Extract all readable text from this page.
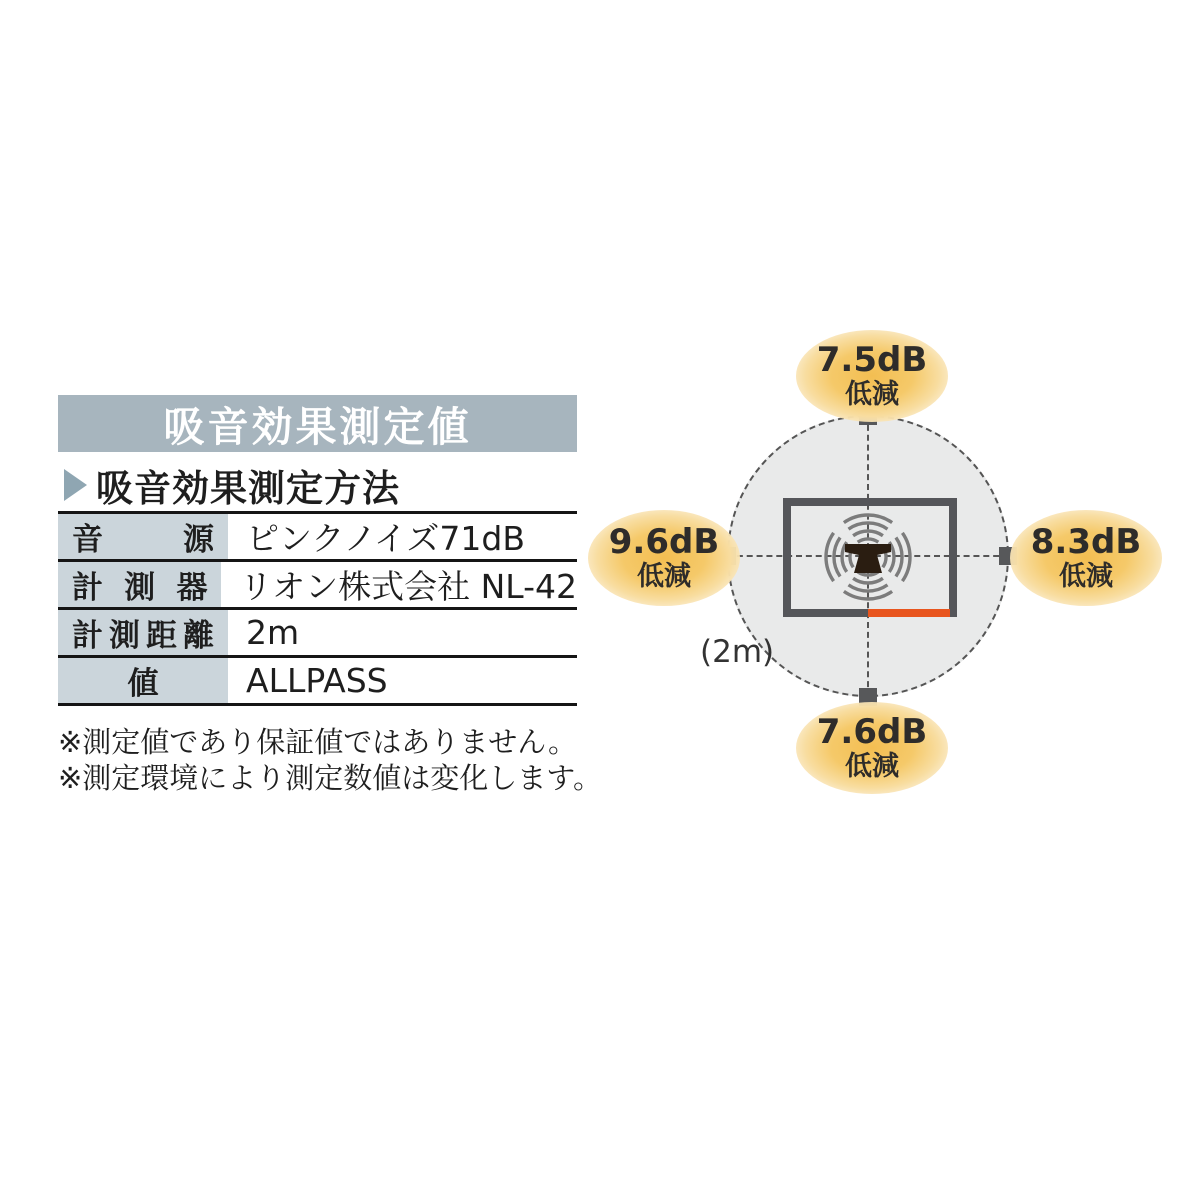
吸音効果測定値
吸音効果測定方法
音	源 ピンクノイズ71dB
計 測 器 リオン株式会社 NL-42
計 測 距 離 2m
値	ALLPASS
※測定値であり保証値ではありません。
※測定環境により測定数値は変化します。
7.5dB
低減
8.3dB
低減
7.6dB
低減
9.6dB
低減
(2m)
